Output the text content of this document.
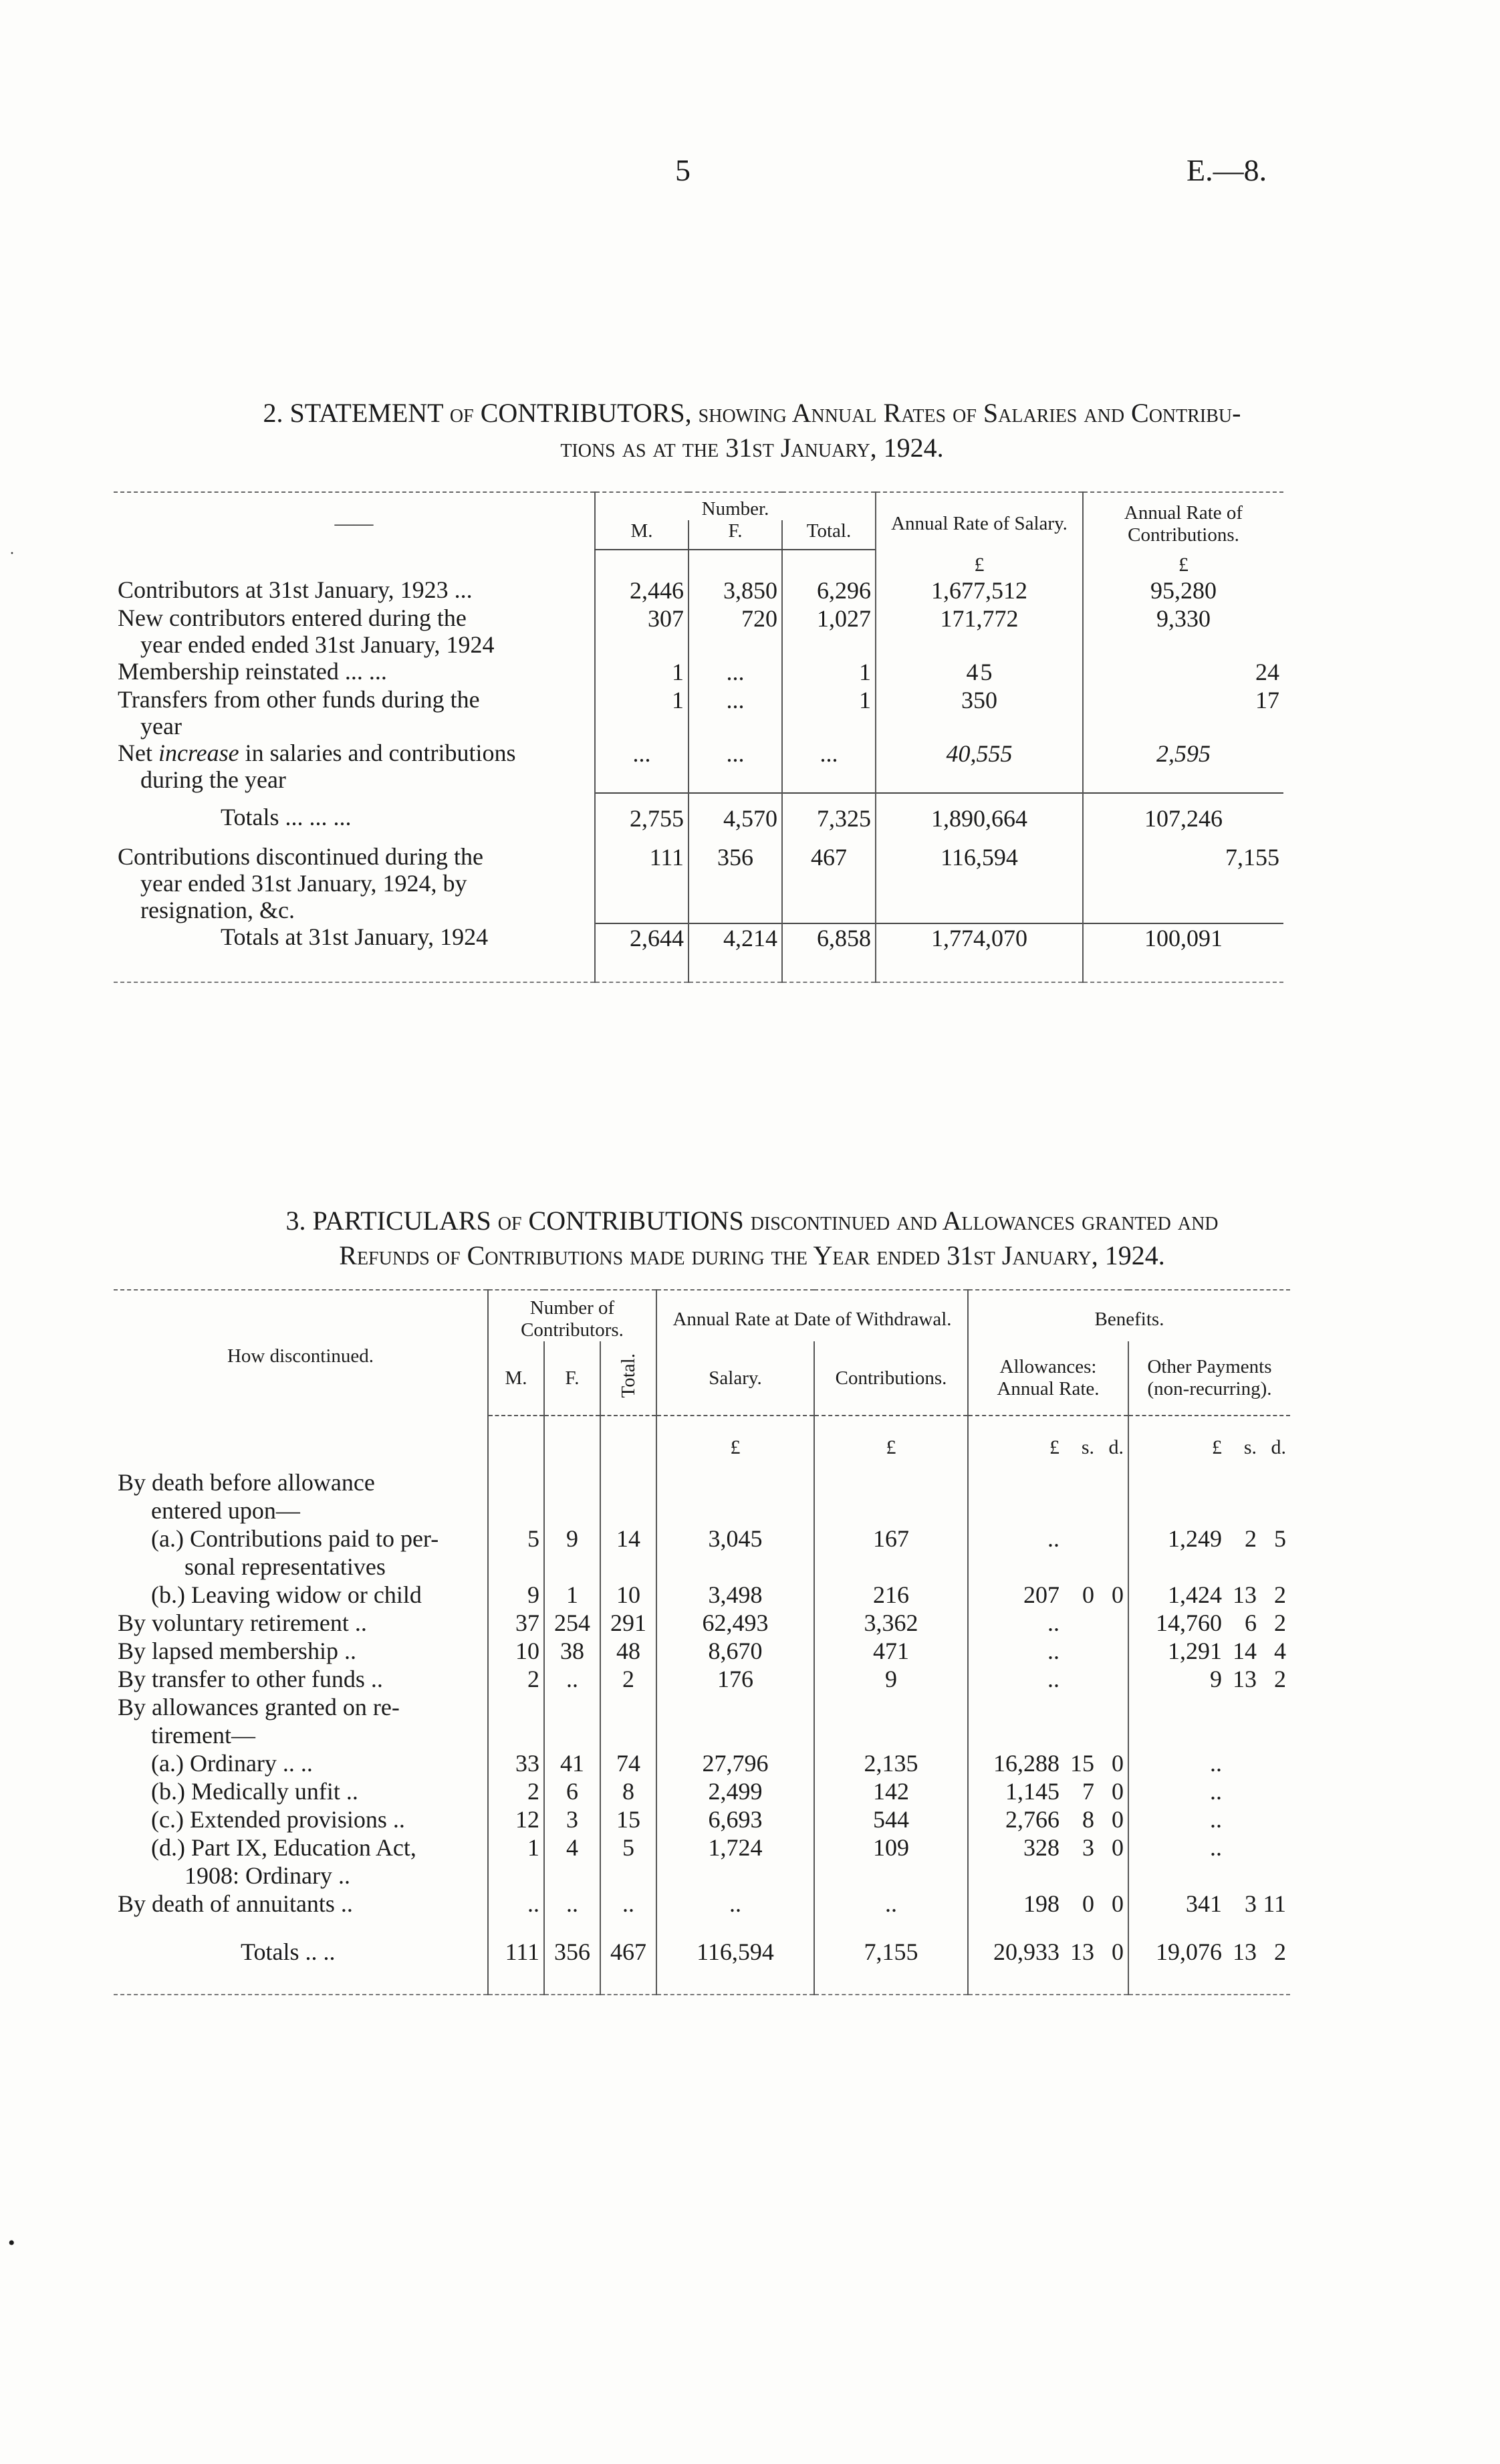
5	E.—8.
·
2. STATEMENT of CONTRIBUTORS, showing Annual Rates of Salaries and Contribu-
tions as at the 31st January, 1924.
——	Number.			Annual Rate of Salary.	Annual Rate of Contributions.
	M.	F.	Total.		
				£	£
Contributors at 31st January, 1923 ...	2,446	3,850	6,296	1,677,512	95,280
New contributors entered during the
year ended ended 31st January, 1924	307	720	1,027	171,772	9,330
Membership reinstated ... ...	1	...	1	4 5	24
Transfers from other funds during the
year	1	...	1	350	17
Net increase in salaries and contributions
during the year	...	...	...	40,555	2,595
Totals ... ... ...	2,755	4,570	7,325	1,890,664	107,246
Contributions discontinued during the
year ended 31st January, 1924, by resignation, &c.	111	356	467	116,594	7,155
Totals at 31st January, 1924	2,644	4,214	6,858	1,774,070	100,091
3. PARTICULARS of CONTRIBUTIONS discontinued and Allowances granted and
Refunds of Contributions made during the Year ended 31st January, 1924.
How discontinued.	Number of Contributors.			Annual Rate at Date of Withdrawal.		Benefits.	
	M.	F.	Total.	Salary.	Contributions.	Allowances: Annual Rate.	Other Payments (non-recurring).
				£	£	£ s. d.	£ s. d.
By death before allowance
entered upon—							

(a.) Contributions paid to per-
sonal representatives	5	9	14	3,045	167	..	1,249 2 5

(b.) Leaving widow or child	9	1	10	3,498	216	207 0 0	1,424 13 2
By voluntary retirement ..	37	254	291	62,493	3,362	..	14,760 6 2
By lapsed membership ..	10	38	48	8,670	471	..	1,291 14 4
By transfer to other funds ..	2	..	2	176	9	..	9 13 2
By allowances granted on re-
tirement—							

(a.) Ordinary .. ..	33	41	74	27,796	2,135	16,288 15 0	..

(b.) Medically unfit ..	2	6	8	2,499	142	1,145 7 0	..

(c.) Extended provisions ..	12	3	15	6,693	544	2,766 8 0	..

(d.) Part IX, Education Act,
1908: Ordinary ..	1	4	5	1,724	109	328 3 0	..
By death of annuitants ..	..	..	..	..	..	198 0 0	341 3 11
Totals .. ..	111	356	467	116,594	7,155	20,933 13 0	19,076 13 2
•
